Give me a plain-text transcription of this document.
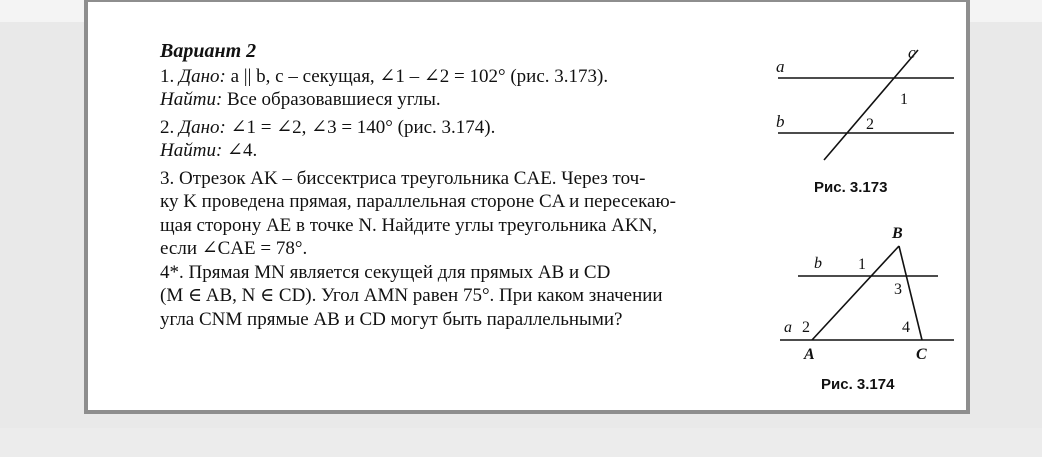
Вариант 2

1. Дано: a || b, c – секущая, ∠1 – ∠2 = 102° (рис. 3.173).

Найти: Все образовавшиеся углы.

2. Дано: ∠1 = ∠2, ∠3 = 140° (рис. 3.174).

Найти: ∠4.

3. Отрезок AK – биссектриса треугольника CAE. Через точ-

ку K проведена прямая, параллельная стороне CA и пересекаю-

щая сторону AE в точке N. Найдите углы треугольника AKN,

если ∠CAE = 78°.

4*. Прямая MN является секущей для прямых AB и CD

(M ∈ AB, N ∈ CD). Угол AMN равен 75°. При каком значении

угла CNM прямые AB и CD могут быть параллельными?

a
b
c
1
2
Рис. 3.173
B
A	C
b
a
1
2
3
4
Рис. 3.174
